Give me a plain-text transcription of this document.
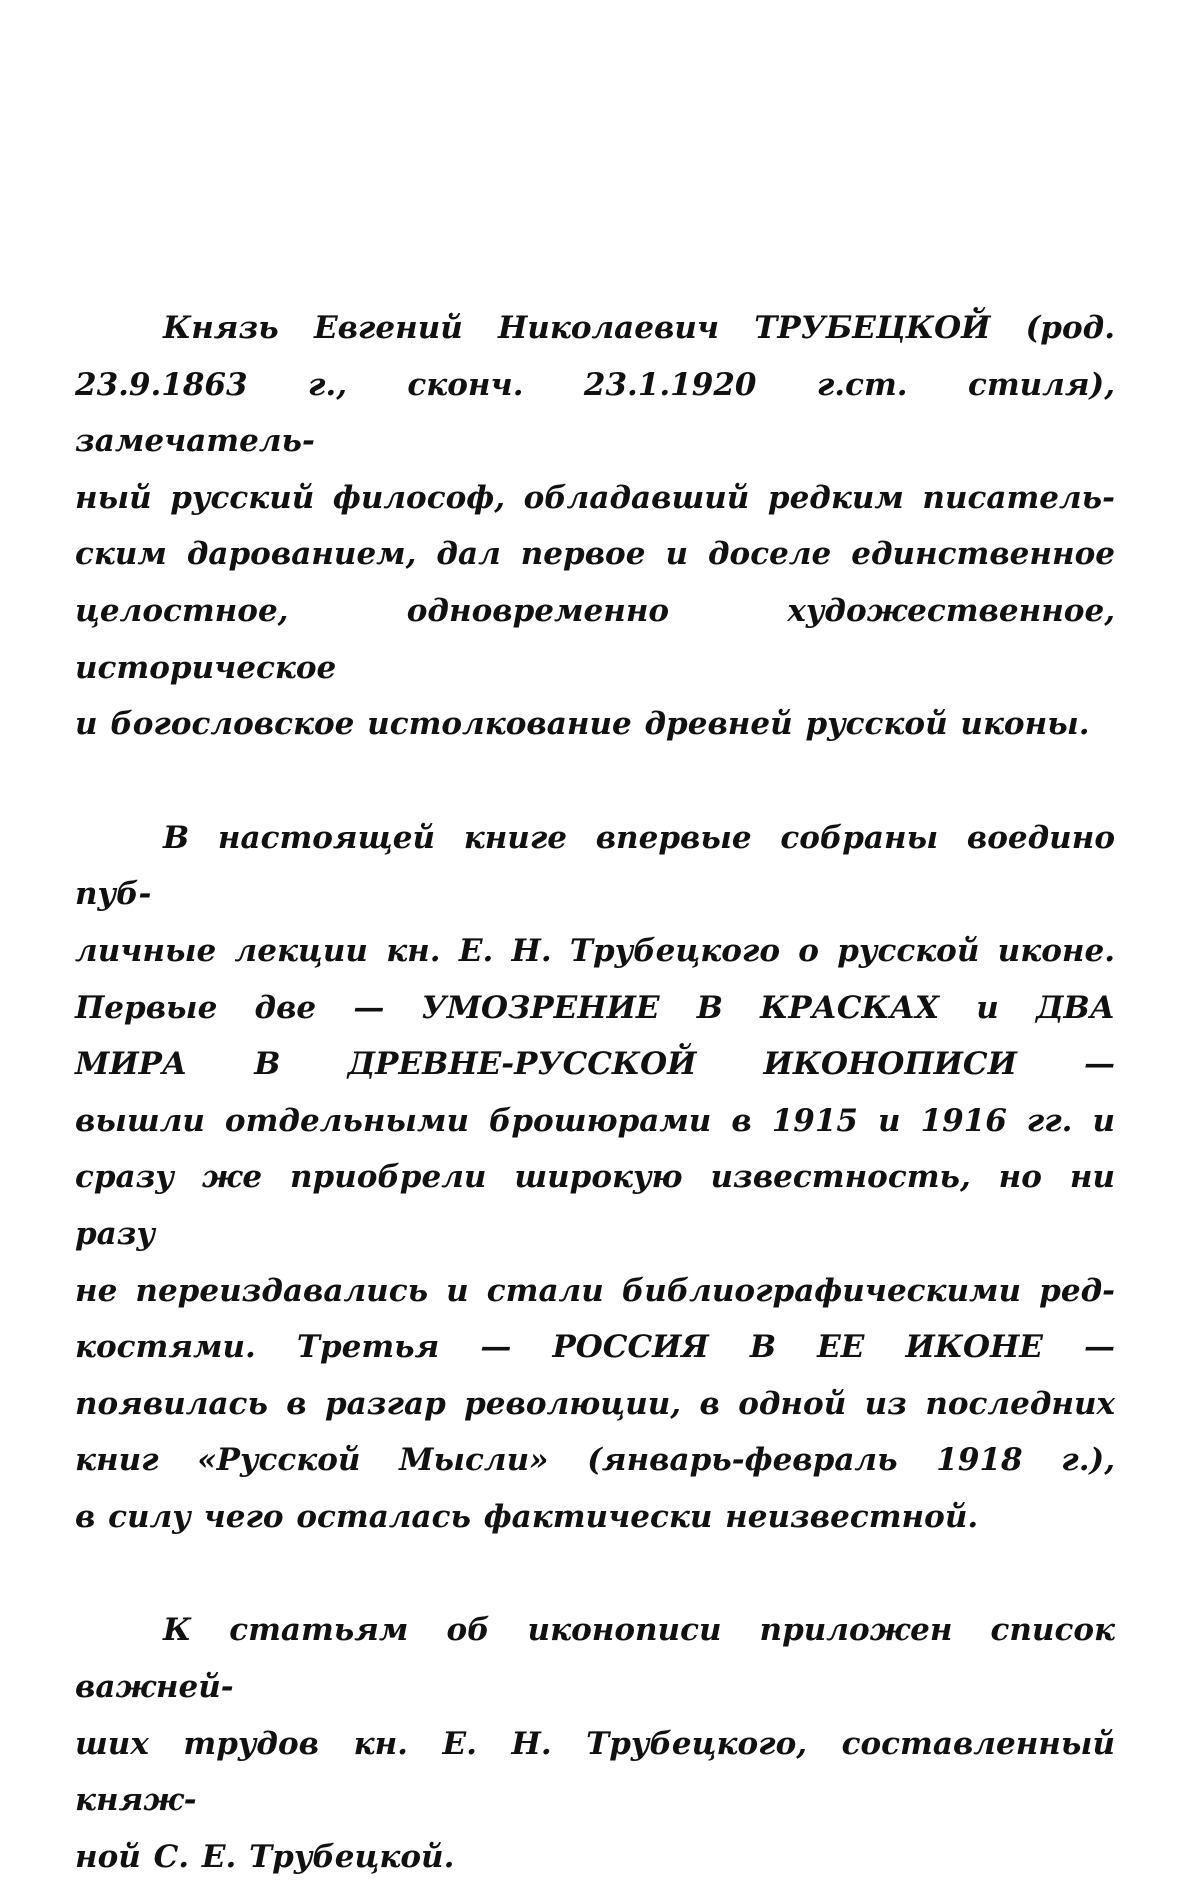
Князь Евгений Николаевич ТРУБЕЦКОЙ (род.
23.9.1863 г., сконч. 23.1.1920 г.ст. стиля), замечатель-
ный русский философ, обладавший редким писатель-
ским дарованием, дал первое и доселе единственное
целостное, одновременно художественное, историческое
и богословское истолкование древней русской иконы.

В настоящей книге впервые собраны воедино пуб-
личные лекции кн. Е. Н. Трубецкого о русской иконе.
Первые две — УМОЗРЕНИЕ В КРАСКАХ и ДВА
МИРА В ДРЕВНЕ-РУССКОЙ ИКОНОПИСИ —
вышли отдельными брошюрами в 1915 и 1916 гг. и
сразу же приобрели широкую известность, но ни разу
не переиздавались и стали библиографическими ред-
костями. Третья — РОССИЯ В ЕЕ ИКОНЕ —
появилась в разгар революции, в одной из последних
книг «Русской Мысли» (январь-февраль 1918 г.),
в силу чего осталась фактически неизвестной.

К статьям об иконописи приложен список важней-
ших трудов кн. Е. Н. Трубецкого, составленный княж-
ной С. Е. Трубецкой.
